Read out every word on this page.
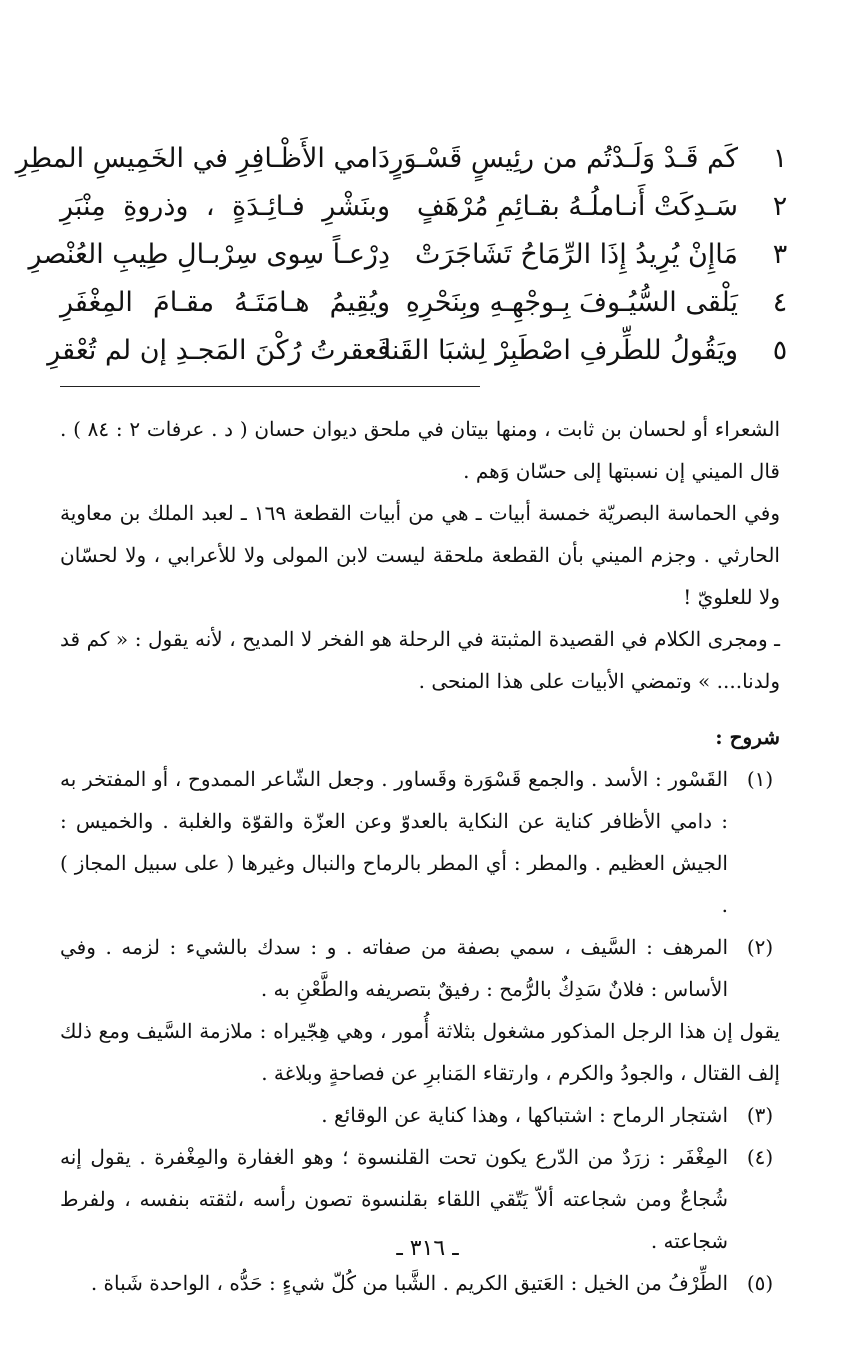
١
كَم قَـدْ وَلَـدْتُم من رئِيسٍ قَسْـوَرٍ
دَامي الأَظْـافِرِ في الخَمِيسِ المطِرِ
٢
سَـدِكَتْ أَنـاملُـهُ بقـائِمِ مُرْهَفٍ
وبنَشْرِ فـائِـدَةٍ ، وذروةِ مِنْبَرِ
٣
مَاإِنْ يُرِيدُ إِذَا الرِّمَاحُ تَشَاجَرَتْ
دِرْعـاً سِوى سِرْبـالِ طِيبِ العُنْصرِ
٤
يَلْقى السُّيُـوفَ بِـوجْهِـهِ وبِنَحْرِهِ
ويُقِيمُ هـامَتَـهُ مقـامَ المِغْفَرِ
٥
ويَقُولُ للطِّرفِ اصْطَبِرْ لِشبَا القَنا
فَعقرتُ رُكْنَ المَجـدِ إن لم تُعْقرِ

الشعراء أو لحسان بن ثابت ، ومنها بيتان في ملحق ديوان حسان ( د . عرفات ٢ : ٨٤ ) . قال الميني إن نسبتها إلى حسّان وَهم .

وفي الحماسة البصريّة خمسة أبيات ـ هي من أبيات القطعة ١٦٩ ـ لعبد الملك بن معاوية الحارثي . وجزم الميني بأن القطعة ملحقة ليست لابن المولى ولا للأعرابي ، ولا لحسّان ولا للعلويّ !

ـ ومجرى الكلام في القصيدة المثبتة في الرحلة هو الفخر لا المديح ، لأنه يقول : « كم قد ولدنا.... » وتمضي الأبيات على هذا المنحى .

شروح :

(١)

القَسْور : الأسد . والجمع قَسْوَرة وقَساور . وجعل الشّاعر الممدوح ، أو المفتخر به : دامي الأظافر كناية عن النكاية بالعدوّ وعن العزّة والقوّة والغلبة . والخميس : الجيش العظيم . والمطر : أي المطر بالرماح والنبال وغيرها ( على سبيل المجاز ) .

(٢)

المرهف : السَّيف ، سمي بصفة من صفاته . و : سدك بالشيء : لزمه . وفي الأساس : فلانٌ سَدِكٌ بالرُّمح : رفيقٌ بتصريفه والطَّعْنِ به .

يقول إن هذا الرجل المذكور مشغول بثلاثة أُمور ، وهي هِجّيراه : ملازمة السَّيف ومع ذلك إلف القتال ، والجودُ والكرم ، وارتقاء المَنابرِ عن فصاحةٍ وبلاغة .

(٣)

اشتجار الرماح : اشتباكها ، وهذا كناية عن الوقائع .

(٤)

المِغْفَر : زرَدٌ من الدّرع يكون تحت القلنسوة ؛ وهو الغفارة والمِغْفرة . يقول إنه شُجاعٌ ومن شجاعته ألاّ يَتّقي اللقاء بقلنسوة تصون رأسه ،لثقته بنفسه ، ولفرط شجاعته .

(٥)

الطِّرْفُ من الخيل : العَتيق الكريم . الشَّبا من كُلّ شيءٍ : حَدُّه ، الواحدة شَباة .

ـ ٣١٦ ـ
